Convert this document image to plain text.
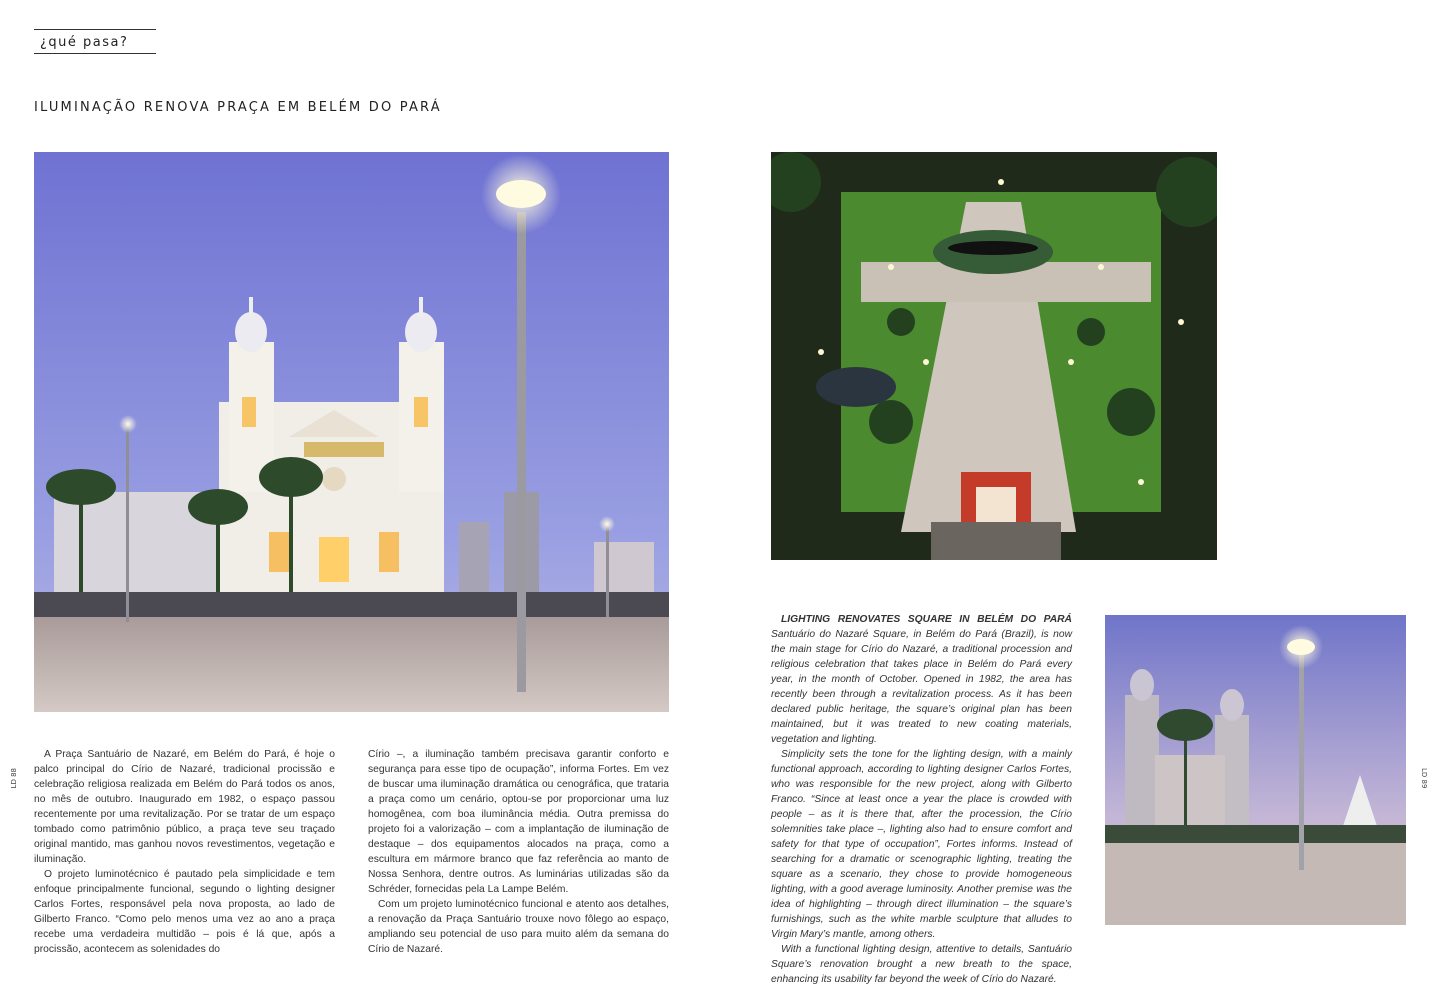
¿qué pasa?
ILUMINAÇÃO RENOVA PRAÇA EM BELÉM DO PARÁ

A Praça Santuário de Nazaré, em Belém do Pará, é hoje o palco principal do Círio de Nazaré, tradicional procissão e celebração religiosa realizada em Belém do Pará todos os anos, no mês de outubro. Inaugurado em 1982, o espaço passou recentemente por uma revitalização. Por se tratar de um espaço tombado como patrimônio público, a praça teve seu traçado original mantido, mas ganhou novos revestimentos, vegetação e iluminação.

O projeto luminotécnico é pautado pela simplicidade e tem enfoque principalmente funcional, segundo o lighting designer Carlos Fortes, responsável pela nova proposta, ao lado de Gilberto Franco. “Como pelo menos uma vez ao ano a praça recebe uma verdadeira multidão – pois é lá que, após a procissão, acontecem as solenidades do

Círio –, a iluminação também precisava garantir conforto e segurança para esse tipo de ocupação”, informa Fortes. Em vez de buscar uma iluminação dramática ou cenográfica, que trataria a praça como um cenário, optou-se por proporcionar uma luz homogênea, com boa iluminância média. Outra premissa do projeto foi a valorização – com a implantação de iluminação de destaque – dos equipamentos alocados na praça, como a escultura em mármore branco que faz referência ao manto de Nossa Senhora, dentre outros. As luminárias utilizadas são da Schréder, fornecidas pela La Lampe Belém.

Com um projeto luminotécnico funcional e atento aos detalhes, a renovação da Praça Santuário trouxe novo fôlego ao espaço, ampliando seu potencial de uso para muito além da semana do Círio de Nazaré.

LIGHTING RENOVATES SQUARE IN BELÉM DO PARÁ Santuário do Nazaré Square, in Belém do Pará (Brazil), is now the main stage for Círio do Nazaré, a traditional procession and religious celebration that takes place in Belém do Pará every year, in the month of October. Opened in 1982, the area has recently been through a revitalization process. As it has been declared public heritage, the square’s original plan has been maintained, but it was treated to new coating materials, vegetation and lighting.

Simplicity sets the tone for the lighting design, with a mainly functional approach, according to lighting designer Carlos Fortes, who was responsible for the new project, along with Gilberto Franco. “Since at least once a year the place is crowded with people – as it is there that, after the procession, the Círio solemnities take place –, lighting also had to ensure comfort and safety for that type of occupation”, Fortes informs. Instead of searching for a dramatic or scenographic lighting, treating the square as a scenario, they chose to provide homogeneous lighting, with a good average luminosity. Another premise was the idea of highlighting – through direct illumination – the square’s furnishings, such as the white marble sculpture that alludes to Virgin Mary’s mantle, among others.

With a functional lighting design, attentive to details, Santuário Square’s renovation brought a new breath to the space, enhancing its usability far beyond the week of Círio do Nazaré.

LD 88	LD 89
